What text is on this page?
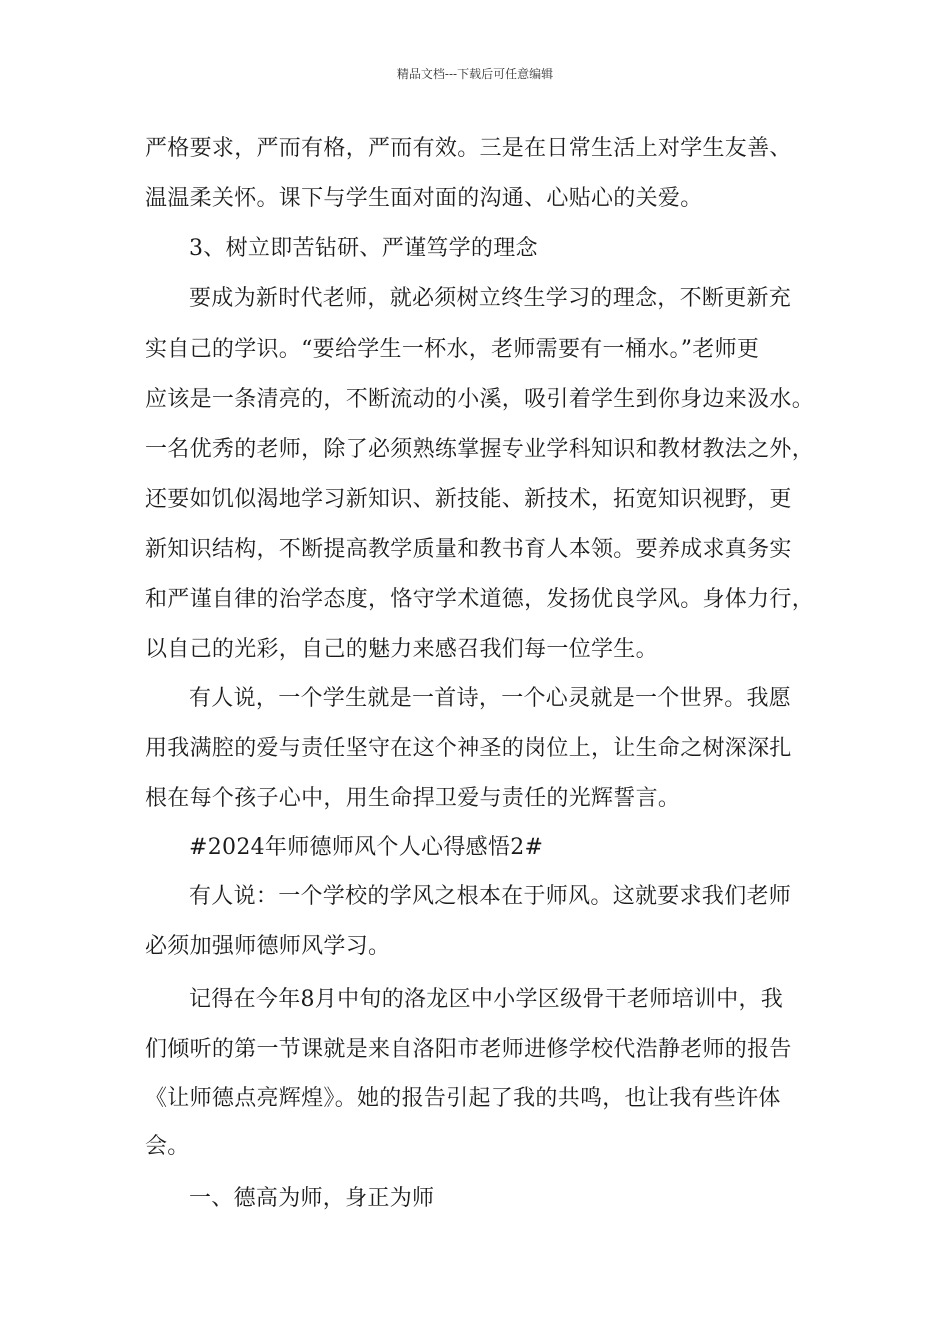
精品文档---下载后可任意编辑
严格要求，严而有格，严而有效。三是在日常生活上对学生友善、
温温柔关怀。课下与学生面对面的沟通、心贴心的关爱。
3、树立即苦钻研、严谨笃学的理念
要成为新时代老师，就必须树立终生学习的理念，不断更新充
实自己的学识。“要给学生一杯水，老师需要有一桶水。”老师更
应该是一条清亮的，不断流动的小溪，吸引着学生到你身边来汲水。
一名优秀的老师，除了必须熟练掌握专业学科知识和教材教法之外，
还要如饥似渴地学习新知识、新技能、新技术，拓宽知识视野，更
新知识结构，不断提高教学质量和教书育人本领。要养成求真务实
和严谨自律的治学态度，恪守学术道德，发扬优良学风。身体力行，
以自己的光彩，自己的魅力来感召我们每一位学生。
有人说，一个学生就是一首诗，一个心灵就是一个世界。我愿
用我满腔的爱与责任坚守在这个神圣的岗位上，让生命之树深深扎
根在每个孩子心中，用生命捍卫爱与责任的光辉誓言。
#2024年师德师风个人心得感悟2#
有人说：一个学校的学风之根本在于师风。这就要求我们老师
必须加强师德师风学习。
记得在今年8月中旬的洛龙区中小学区级骨干老师培训中，我
们倾听的第一节课就是来自洛阳市老师进修学校代浩静老师的报告
《让师德点亮辉煌》。她的报告引起了我的共鸣，也让我有些许体
会。
一、德高为师，身正为师
